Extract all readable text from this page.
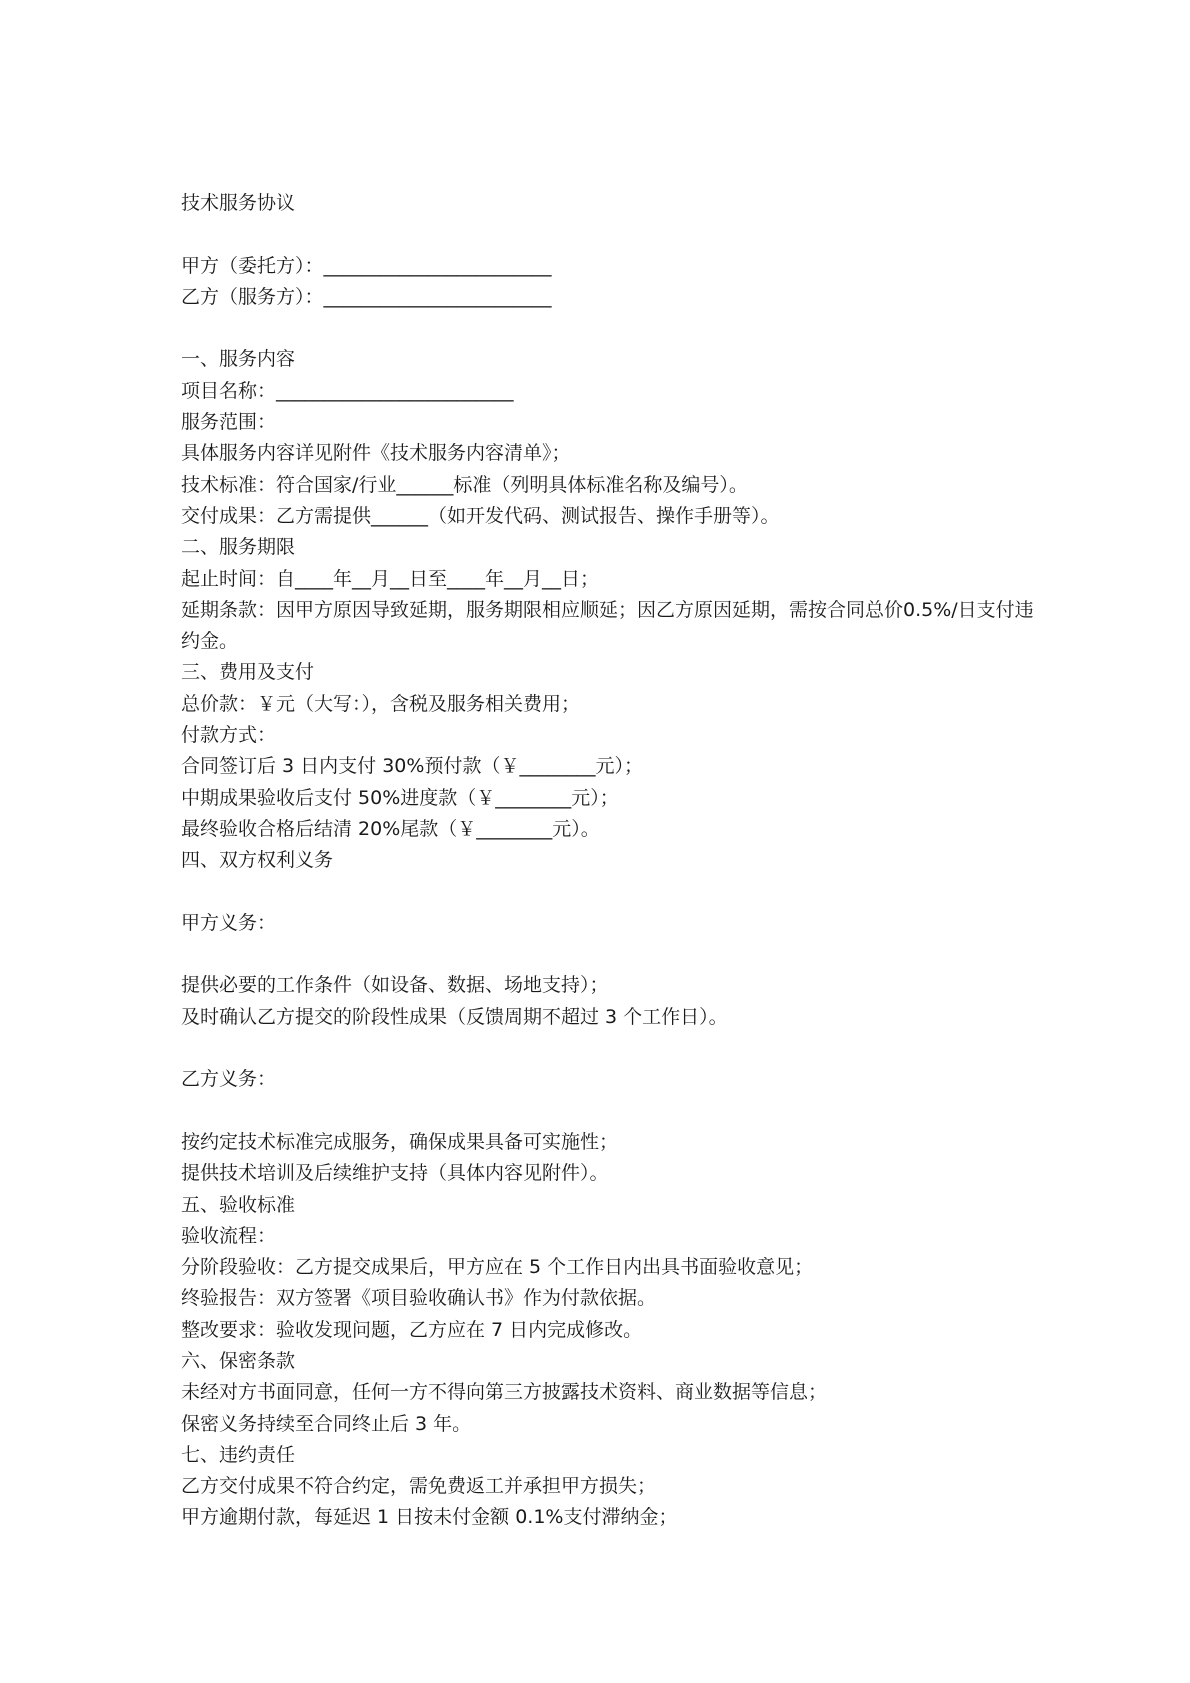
技术服务协议
甲方（委托方）：________________________
乙方（服务方）：________________________
一、服务内容
项目名称：_________________________
服务范围：
具体服务内容详见附件《技术服务内容清单》；
技术标准：符合国家/行业______标准（列明具体标准名称及编号）。
交付成果：乙方需提供______（如开发代码、测试报告、操作手册等）。
二、服务期限
起止时间：自____年__月__日至____年__月__日；
延期条款：因甲方原因导致延期，服务期限相应顺延；因乙方原因延期，需按合同总价0.5%/日支付违约金。
三、费用及支付
总价款：￥元（大写：），含税及服务相关费用；
付款方式：
合同签订后 3 日内支付 30%预付款（￥________元）；
中期成果验收后支付 50%进度款（￥________元）；
最终验收合格后结清 20%尾款（￥________元）。
四、双方权利义务
甲方义务：
提供必要的工作条件（如设备、数据、场地支持）；
及时确认乙方提交的阶段性成果（反馈周期不超过 3 个工作日）。
乙方义务：
按约定技术标准完成服务，确保成果具备可实施性；
提供技术培训及后续维护支持（具体内容见附件）。
五、验收标准
验收流程：
分阶段验收：乙方提交成果后，甲方应在 5 个工作日内出具书面验收意见；
终验报告：双方签署《项目验收确认书》作为付款依据。
整改要求：验收发现问题，乙方应在 7 日内完成修改。
六、保密条款
未经对方书面同意，任何一方不得向第三方披露技术资料、商业数据等信息；
保密义务持续至合同终止后 3 年。
七、违约责任
乙方交付成果不符合约定，需免费返工并承担甲方损失；
甲方逾期付款，每延迟 1 日按未付金额 0.1%支付滞纳金；
